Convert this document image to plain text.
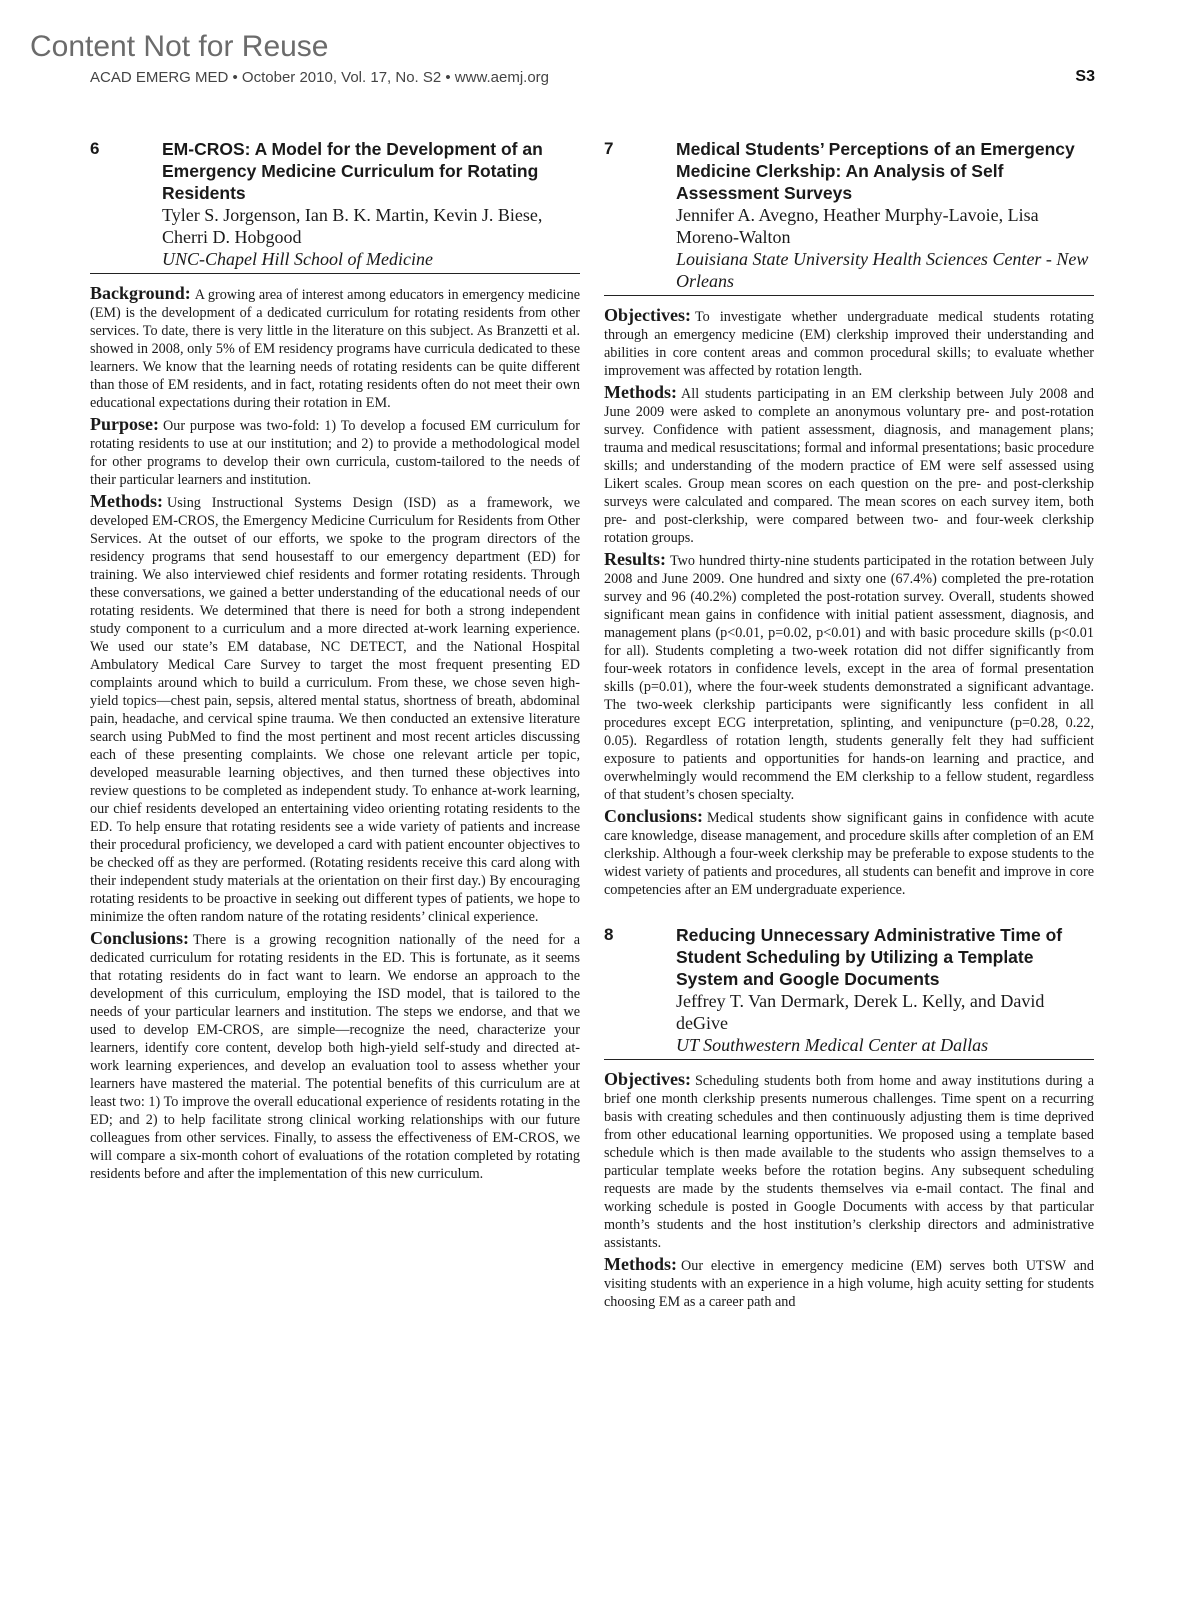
Content Not for Reuse
ACAD EMERG MED • October 2010, Vol. 17, No. S2 • www.aemj.org	S3
6	EM-CROS: A Model for the Development of an Emergency Medicine Curriculum for Rotating Residents
Tyler S. Jorgenson, Ian B. K. Martin, Kevin J. Biese, Cherri D. Hobgood
UNC-Chapel Hill School of Medicine

Background: A growing area of interest among educators in emergency medicine (EM) is the development of a dedicated curriculum for rotating residents from other services. To date, there is very little in the literature on this subject. As Branzetti et al. showed in 2008, only 5% of EM residency programs have curricula dedicated to these learners. We know that the learning needs of rotating residents can be quite different than those of EM residents, and in fact, rotating residents often do not meet their own educational expectations during their rotation in EM.

Purpose: Our purpose was two-fold: 1) To develop a focused EM curriculum for rotating residents to use at our institution; and 2) to provide a methodological model for other programs to develop their own curricula, custom-tailored to the needs of their particular learners and institution.

Methods: Using Instructional Systems Design (ISD) as a framework, we developed EM-CROS, the Emergency Medicine Curriculum for Residents from Other Services. At the outset of our efforts, we spoke to the program directors of the residency programs that send housestaff to our emergency department (ED) for training. We also interviewed chief residents and former rotating residents. Through these conversations, we gained a better understanding of the educational needs of our rotating residents. We determined that there is need for both a strong independent study component to a curriculum and a more directed at-work learning experience. We used our state’s EM database, NC DETECT, and the National Hospital Ambulatory Medical Care Survey to target the most frequent presenting ED complaints around which to build a curriculum. From these, we chose seven high-yield topics—chest pain, sepsis, altered mental status, shortness of breath, abdominal pain, headache, and cervical spine trauma. We then conducted an extensive literature search using PubMed to find the most pertinent and most recent articles discussing each of these presenting complaints. We chose one relevant article per topic, developed measurable learning objectives, and then turned these objectives into review questions to be completed as independent study. To enhance at-work learning, our chief residents developed an entertaining video orienting rotating residents to the ED. To help ensure that rotating residents see a wide variety of patients and increase their procedural proficiency, we developed a card with patient encounter objectives to be checked off as they are performed. (Rotating residents receive this card along with their independent study materials at the orientation on their first day.) By encouraging rotating residents to be proactive in seeking out different types of patients, we hope to minimize the often random nature of the rotating residents’ clinical experience.

Conclusions: There is a growing recognition nationally of the need for a dedicated curriculum for rotating residents in the ED. This is fortunate, as it seems that rotating residents do in fact want to learn. We endorse an approach to the development of this curriculum, employing the ISD model, that is tailored to the needs of your particular learners and institution. The steps we endorse, and that we used to develop EM-CROS, are simple—recognize the need, characterize your learners, identify core content, develop both high-yield self-study and directed at-work learning experiences, and develop an evaluation tool to assess whether your learners have mastered the material. The potential benefits of this curriculum are at least two: 1) To improve the overall educational experience of residents rotating in the ED; and 2) to help facilitate strong clinical working relationships with our future colleagues from other services. Finally, to assess the effectiveness of EM-CROS, we will compare a six-month cohort of evaluations of the rotation completed by rotating residents before and after the implementation of this new curriculum.

7	Medical Students’ Perceptions of an Emergency Medicine Clerkship: An Analysis of Self Assessment Surveys
Jennifer A. Avegno, Heather Murphy-Lavoie, Lisa Moreno-Walton
Louisiana State University Health Sciences Center - New Orleans

Objectives: To investigate whether undergraduate medical students rotating through an emergency medicine (EM) clerkship improved their understanding and abilities in core content areas and common procedural skills; to evaluate whether improvement was affected by rotation length.

Methods: All students participating in an EM clerkship between July 2008 and June 2009 were asked to complete an anonymous voluntary pre- and post-rotation survey. Confidence with patient assessment, diagnosis, and management plans; trauma and medical resuscitations; formal and informal presentations; basic procedure skills; and understanding of the modern practice of EM were self assessed using Likert scales. Group mean scores on each question on the pre- and post-clerkship surveys were calculated and compared. The mean scores on each survey item, both pre- and post-clerkship, were compared between two- and four-week clerkship rotation groups.

Results: Two hundred thirty-nine students participated in the rotation between July 2008 and June 2009. One hundred and sixty one (67.4%) completed the pre-rotation survey and 96 (40.2%) completed the post-rotation survey. Overall, students showed significant mean gains in confidence with initial patient assessment, diagnosis, and management plans (p<0.01, p=0.02, p<0.01) and with basic procedure skills (p<0.01 for all). Students completing a two-week rotation did not differ significantly from four-week rotators in confidence levels, except in the area of formal presentation skills (p=0.01), where the four-week students demonstrated a significant advantage. The two-week clerkship participants were significantly less confident in all procedures except ECG interpretation, splinting, and venipuncture (p=0.28, 0.22, 0.05). Regardless of rotation length, students generally felt they had sufficient exposure to patients and opportunities for hands-on learning and practice, and overwhelmingly would recommend the EM clerkship to a fellow student, regardless of that student’s chosen specialty.

Conclusions: Medical students show significant gains in confidence with acute care knowledge, disease management, and procedure skills after completion of an EM clerkship. Although a four-week clerkship may be preferable to expose students to the widest variety of patients and procedures, all students can benefit and improve in core competencies after an EM undergraduate experience.

8	Reducing Unnecessary Administrative Time of Student Scheduling by Utilizing a Template System and Google Documents
Jeffrey T. Van Dermark, Derek L. Kelly, and David deGive
UT Southwestern Medical Center at Dallas

Objectives: Scheduling students both from home and away institutions during a brief one month clerkship presents numerous challenges. Time spent on a recurring basis with creating schedules and then continuously adjusting them is time deprived from other educational learning opportunities. We proposed using a template based schedule which is then made available to the students who assign themselves to a particular template weeks before the rotation begins. Any subsequent scheduling requests are made by the students themselves via e-mail contact. The final and working schedule is posted in Google Documents with access by that particular month’s students and the host institution’s clerkship directors and administrative assistants.

Methods: Our elective in emergency medicine (EM) serves both UTSW and visiting students with an experience in a high volume, high acuity setting for students choosing EM as a career path and
